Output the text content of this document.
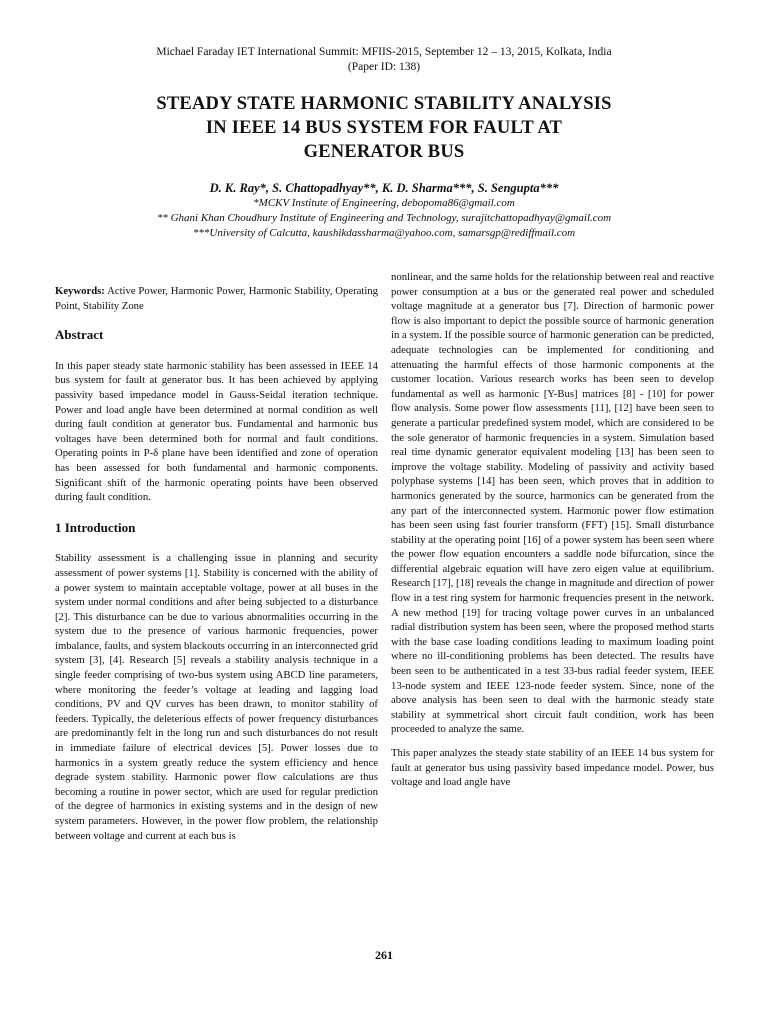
Michael Faraday IET International Summit: MFIIS-2015, September 12 – 13, 2015, Kolkata, India
(Paper ID: 138)
STEADY STATE HARMONIC STABILITY ANALYSIS
IN IEEE 14 BUS SYSTEM FOR FAULT AT
GENERATOR BUS
D. K. Ray*, S. Chattopadhyay**, K. D. Sharma***, S. Sengupta***
*MCKV Institute of Engineering, debopoma86@gmail.com
** Ghani Khan Choudhury Institute of Engineering and Technology, surajitchattopadhyay@gmail.com
***University of Calcutta, kaushikdassharma@yahoo.com, samarsgp@rediffmail.com

Keywords: Active Power, Harmonic Power, Harmonic Stability, Operating Point, Stability Zone

Abstract

In this paper steady state harmonic stability has been assessed in IEEE 14 bus system for fault at generator bus. It has been achieved by applying passivity based impedance model in Gauss-Seidal iteration technique. Power and load angle have been determined at normal condition as well during fault condition at generator bus. Fundamental and harmonic bus voltages have been determined both for normal and fault conditions. Operating points in P-δ plane have been identified and zone of operation has been assessed for both fundamental and harmonic components. Significant shift of the harmonic operating points have been observed during fault condition.

1 Introduction

Stability assessment is a challenging issue in planning and security assessment of power systems [1]. Stability is concerned with the ability of a power system to maintain acceptable voltage, power at all buses in the system under normal conditions and after being subjected to a disturbance [2]. This disturbance can be due to various abnormalities occurring in the system due to the presence of various harmonic frequencies, power imbalance, faults, and system blackouts occurring in an interconnected grid system [3], [4]. Research [5] reveals a stability analysis technique in a single feeder comprising of two-bus system using ABCD line parameters, where monitoring the feeder’s voltage at leading and lagging load conditions, PV and QV curves has been drawn, to monitor stability of feeders. Typically, the deleterious effects of power frequency disturbances are predominantly felt in the long run and such disturbances do not result in immediate failure of electrical devices [5]. Power losses due to harmonics in a system greatly reduce the system efficiency and hence degrade system stability. Harmonic power flow calculations are thus becoming a routine in power sector, which are used for regular prediction of the degree of harmonics in existing systems and in the design of new system parameters. However, in the power flow problem, the relationship between voltage and current at each bus is

nonlinear, and the same holds for the relationship between real and reactive power consumption at a bus or the generated real power and scheduled voltage magnitude at a generator bus [7]. Direction of harmonic power flow is also important to depict the possible source of harmonic generation in a system. If the possible source of harmonic generation can be predicted, adequate technologies can be implemented for conditioning and attenuating the harmful effects of those harmonic components at the customer location. Various research works has been seen to develop fundamental as well as harmonic [Y-Bus] matrices [8] - [10] for power flow analysis. Some power flow assessments [11], [12] have been seen to generate a particular predefined system model, which are considered to be the sole generator of harmonic frequencies in a system. Simulation based real time dynamic generator equivalent modeling [13] has been seen to improve the voltage stability. Modeling of passivity and activity based polyphase systems [14] has been seen, which proves that in addition to harmonics generated by the source, harmonics can be generated from the any part of the interconnected system. Harmonic power flow estimation has been seen using fast fourier transform (FFT) [15]. Small disturbance stability at the operating point [16] of a power system has been seen where the power flow equation encounters a saddle node bifurcation, since the differential algebraic equation will have zero eigen value at equilibrium. Research [17], [18] reveals the change in magnitude and direction of power flow in a test ring system for harmonic frequencies present in the network. A new method [19] for tracing voltage power curves in an unbalanced radial distribution system has been seen, where the proposed method starts with the base case loading conditions leading to maximum loading point where no ill-conditioning problems has been detected. The results have been seen to be authenticated in a test 33-bus radial feeder system, IEEE 13-node system and IEEE 123-node feeder system. Since, none of the above analysis has been seen to deal with the harmonic steady state stability at symmetrical short circuit fault condition, work has been proceeded to analyze the same.

This paper analyzes the steady state stability of an IEEE 14 bus system for fault at generator bus using passivity based impedance model. Power, bus voltage and load angle have

261
